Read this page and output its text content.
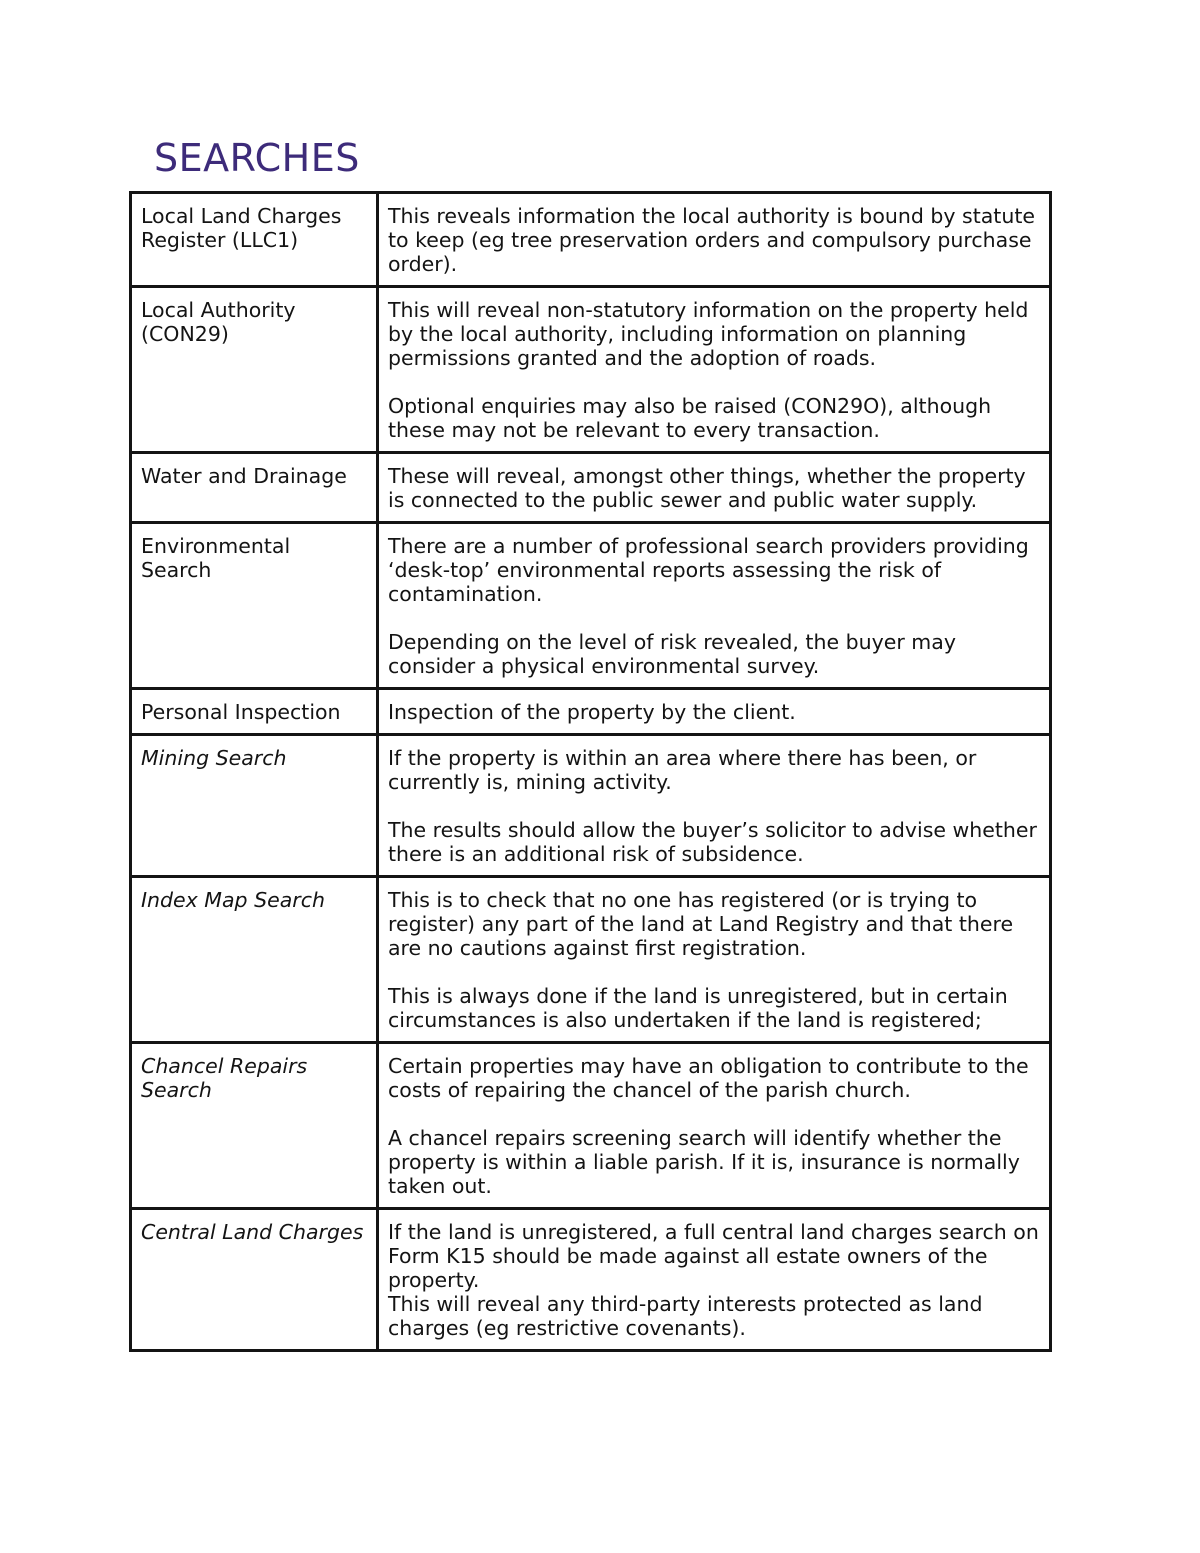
SEARCHES
Local Land Charges Register (LLC1)	This reveals information the local authority is bound by statute to keep (eg tree preservation orders and compulsory purchase order).

Local Authority (CON29)	This will reveal non-statutory information on the property held by the local authority, including information on planning permissions granted and the adoption of roads.

Optional enquiries may also be raised (CON29O), although these may not be relevant to every transaction.

Water and Drainage	These will reveal, amongst other things, whether the property is connected to the public sewer and public water supply.

Environmental Search	There are a number of professional search providers providing ‘desk-top’ environmental reports assessing the risk of contamination.

Depending on the level of risk revealed, the buyer may consider a physical environmental survey.

Personal Inspection	Inspection of the property by the client.

Mining Search	If the property is within an area where there has been, or currently is, mining activity.

The results should allow the buyer’s solicitor to advise whether there is an additional risk of subsidence.

Index Map Search	This is to check that no one has registered (or is trying to register) any part of the land at Land Registry and that there are no cautions against first registration.

This is always done if the land is unregistered, but in certain circumstances is also undertaken if the land is registered;

Chancel Repairs Search	Certain properties may have an obligation to contribute to the costs of repairing the chancel of the parish church.

A chancel repairs screening search will identify whether the property is within a liable parish. If it is, insurance is normally taken out.

Central Land Charges	If the land is unregistered, a full central land charges search on Form K15 should be made against all estate owners of the property.

This will reveal any third-party interests protected as land charges (eg restrictive covenants).
